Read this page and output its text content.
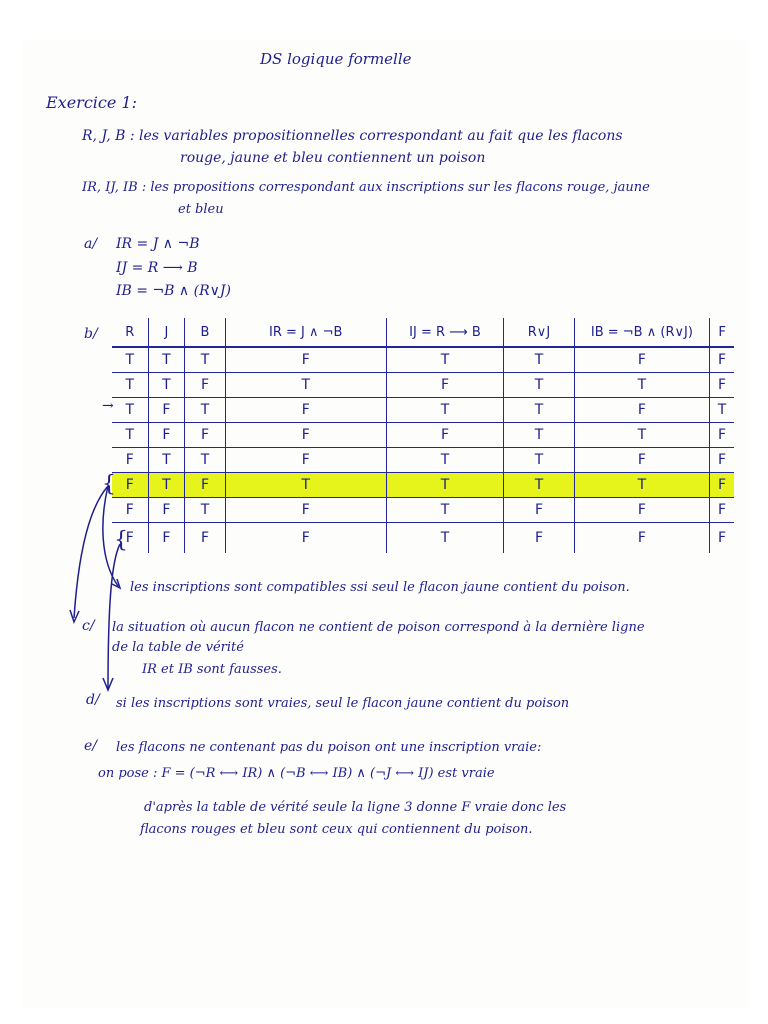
DS logique formelle
Exercice 1:
R, J, B : les variables propositionnelles correspondant au fait que les flacons
rouge, jaune et bleu contiennent un poison
IR, IJ, IB : les propositions correspondant aux inscriptions sur les flacons rouge, jaune
et bleu
a/ IR = J ∧ ¬B
IJ = R ⟶ B
IB = ¬B ∧ (R∨J)
b/ R	J	B	IR = J ∧ ¬B	IJ = R ⟶ B	R∨J	IB = ¬B ∧ (R∨J)	F
T	T	T	F	T	T	F	F
T	T	F	T	F	T	T	F
T	F	T	F	T	T	F	T
T	F	F	F	F	T	T	F
F	T	T	F	T	T	F	F
F	T	F	T	T	T	T	F
F	F	T	F	T	F	F	F
F	F	F	F	T	F	F	F
→
{
{
les inscriptions sont compatibles ssi seul le flacon jaune contient du poison.
c/ la situation où aucun flacon ne contient de poison correspond à la dernière ligne
de la table de vérité
IR et IB sont fausses.
d/ si les inscriptions sont vraies, seul le flacon jaune contient du poison
e/ les flacons ne contenant pas du poison ont une inscription vraie:
on pose : F = (¬R ⟷ IR) ∧ (¬B ⟷ IB) ∧ (¬J ⟷ IJ) est vraie
d'après la table de vérité seule la ligne 3 donne F vraie donc les
flacons rouges et bleu sont ceux qui contiennent du poison.
